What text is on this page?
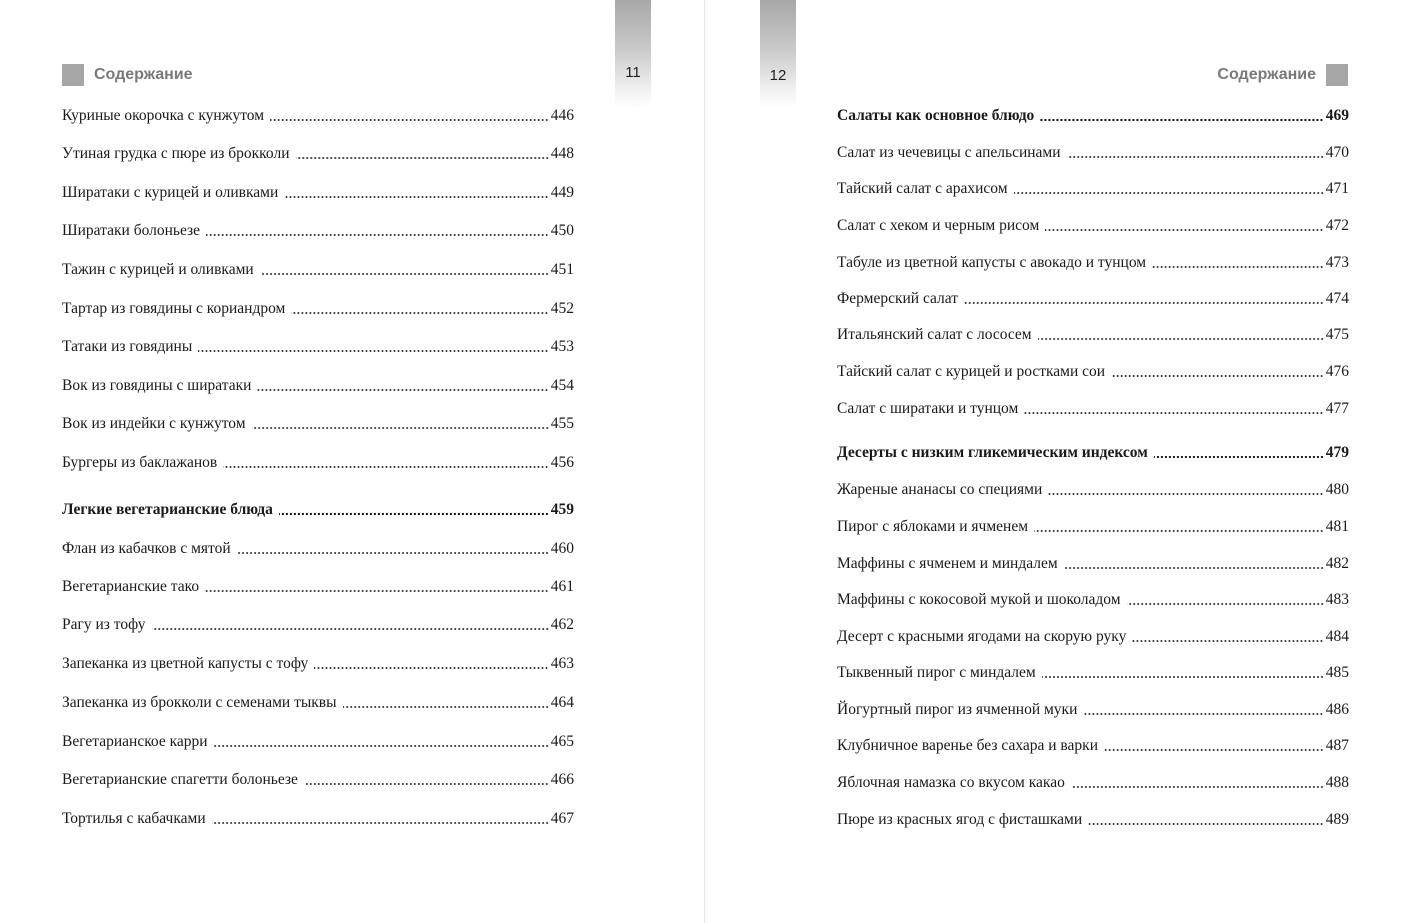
11
Содержание
Куриные окорочка с кунжутом	446
Утиная грудка с пюре из брокколи	448
Ширатаки с курицей и оливками	449
Ширатаки болоньезе	450
Тажин с курицей и оливками	451
Тартар из говядины с кориандром	452
Татаки из говядины	453
Вок из говядины с ширатаки	454
Вок из индейки с кунжутом	455
Бургеры из баклажанов	456
Легкие вегетарианские блюда	459
Флан из кабачков с мятой	460
Вегетарианские тако	461
Рагу из тофу	462
Запеканка из цветной капусты с тофу	463
Запеканка из брокколи с семенами тыквы	464
Вегетарианское карри	465
Вегетарианские спагетти болоньезе	466
Тортилья с кабачками	467
12	Содержание
Салаты как основное блюдо	469
Салат из чечевицы с апельсинами	470
Тайский салат с арахисом	471
Салат с хеком и черным рисом	472
Табуле из цветной капусты с авокадо и тунцом	473
Фермерский салат	474
Итальянский салат с лососем	475
Тайский салат с курицей и ростками сои	476
Салат с ширатаки и тунцом	477
Десерты с низким гликемическим индексом	479
Жареные ананасы со специями	480
Пирог с яблоками и ячменем	481
Маффины с ячменем и миндалем	482
Маффины с кокосовой мукой и шоколадом	483
Десерт с красными ягодами на скорую руку	484
Тыквенный пирог с миндалем	485
Йогуртный пирог из ячменной муки	486
Клубничное варенье без сахара и варки	487
Яблочная намазка со вкусом какао	488
Пюре из красных ягод с фисташками	489
